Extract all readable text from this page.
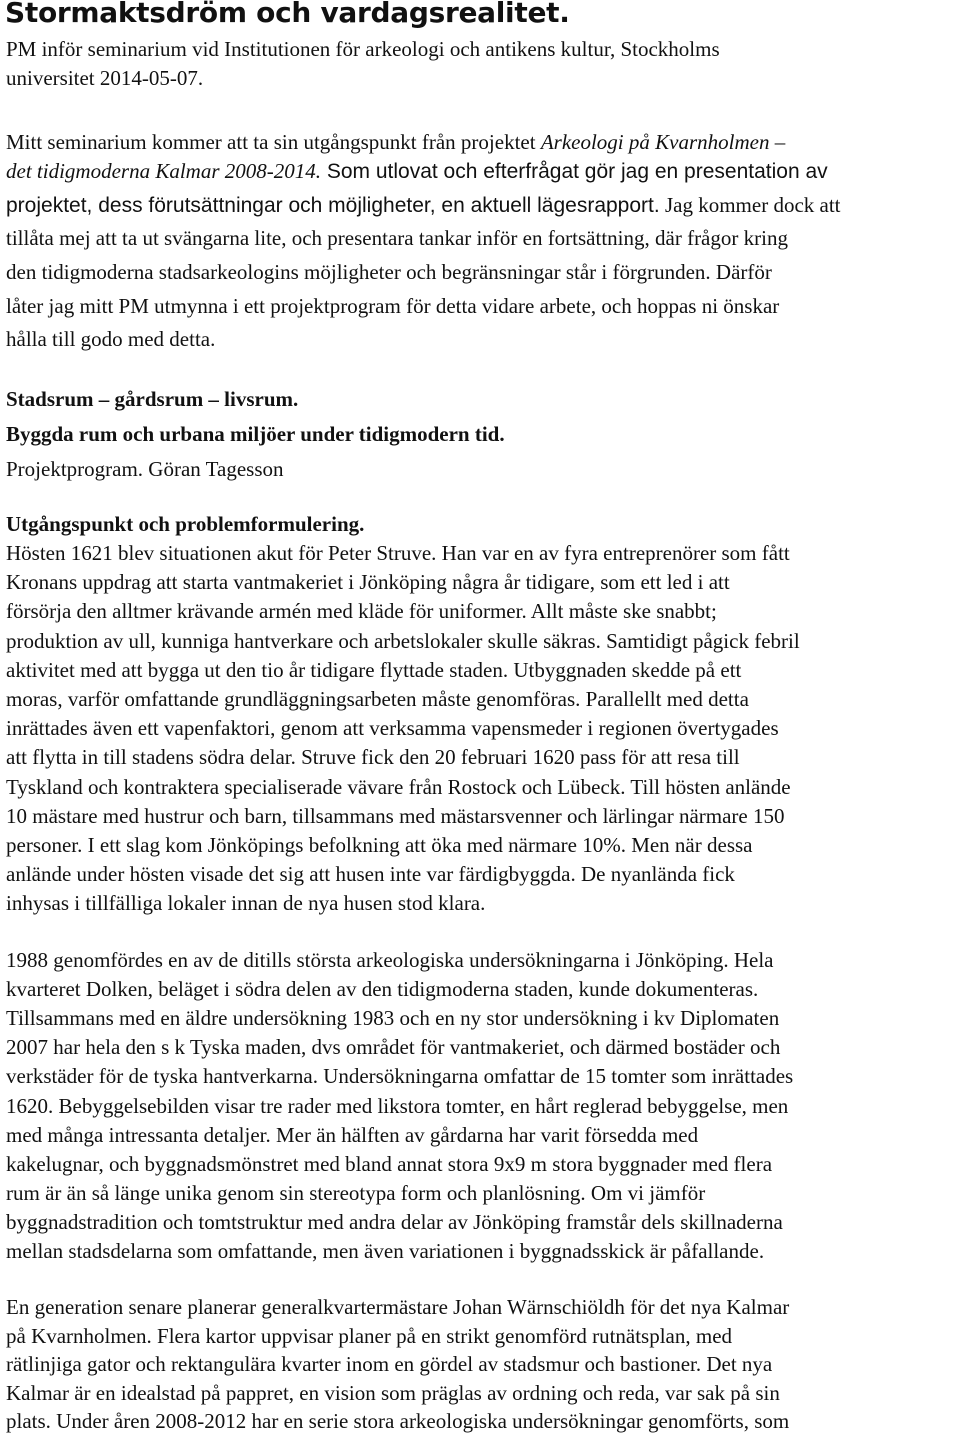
Stormaktsdröm och vardagsrealitet.

PM inför seminarium vid Institutionen för arkeologi och antikens kultur, Stockholms

universitet 2014-05-07.

Mitt seminarium kommer att ta sin utgångspunkt från projektet Arkeologi på Kvarnholmen –

det tidigmoderna Kalmar 2008-2014. Som utlovat och efterfrågat gör jag en presentation av

projektet, dess förutsättningar och möjligheter, en aktuell lägesrapport. Jag kommer dock att

tillåta mej att ta ut svängarna lite, och presentara tankar inför en fortsättning, där frågor kring

den tidigmoderna stadsarkeologins möjligheter och begränsningar står i förgrunden. Därför

låter jag mitt PM utmynna i ett projektprogram för detta vidare arbete, och hoppas ni önskar

hålla till godo med detta.

Stadsrum – gårdsrum – livsrum.

Byggda rum och urbana miljöer under tidigmodern tid.

Projektprogram. Göran Tagesson

Utgångspunkt och problemformulering.

Hösten 1621 blev situationen akut för Peter Struve. Han var en av fyra entreprenörer som fått

Kronans uppdrag att starta vantmakeriet i Jönköping några år tidigare, som ett led i att

försörja den alltmer krävande armén med kläde för uniformer. Allt måste ske snabbt;

produktion av ull, kunniga hantverkare och arbetslokaler skulle säkras. Samtidigt pågick febril

aktivitet med att bygga ut den tio år tidigare flyttade staden. Utbyggnaden skedde på ett

moras, varför omfattande grundläggningsarbeten måste genomföras. Parallellt med detta

inrättades även ett vapenfaktori, genom att verksamma vapensmeder i regionen övertygades

att flytta in till stadens södra delar. Struve fick den 20 februari 1620 pass för att resa till

Tyskland och kontraktera specialiserade vävare från Rostock och Lübeck. Till hösten anlände

10 mästare med hustrur och barn, tillsammans med mästarsvenner och lärlingar närmare 150

personer. I ett slag kom Jönköpings befolkning att öka med närmare 10%. Men när dessa

anlände under hösten visade det sig att husen inte var färdigbyggda. De nyanlända fick

inhysas i tillfälliga lokaler innan de nya husen stod klara.

1988 genomfördes en av de ditills största arkeologiska undersökningarna i Jönköping. Hela

kvarteret Dolken, beläget i södra delen av den tidigmoderna staden, kunde dokumenteras.

Tillsammans med en äldre undersökning 1983 och en ny stor undersökning i kv Diplomaten

2007 har hela den s k Tyska maden, dvs området för vantmakeriet, och därmed bostäder och

verkstäder för de tyska hantverkarna. Undersökningarna omfattar de 15 tomter som inrättades

1620. Bebyggelsebilden visar tre rader med likstora tomter, en hårt reglerad bebyggelse, men

med många intressanta detaljer. Mer än hälften av gårdarna har varit försedda med

kakelugnar, och byggnadsmönstret med bland annat stora 9x9 m stora byggnader med flera

rum är än så länge unika genom sin stereotypa form och planlösning. Om vi jämför

byggnadstradition och tomtstruktur med andra delar av Jönköping framstår dels skillnaderna

mellan stadsdelarna som omfattande, men även variationen i byggnadsskick är påfallande.

En generation senare planerar generalkvartermästare Johan Wärnschiöldh för det nya Kalmar

på Kvarnholmen. Flera kartor uppvisar planer på en strikt genomförd rutnätsplan, med

rätlinjiga gator och rektangulära kvarter inom en gördel av stadsmur och bastioner. Det nya

Kalmar är en idealstad på pappret, en vision som präglas av ordning och reda, var sak på sin

plats. Under åren 2008-2012 har en serie stora arkeologiska undersökningar genomförts, som
